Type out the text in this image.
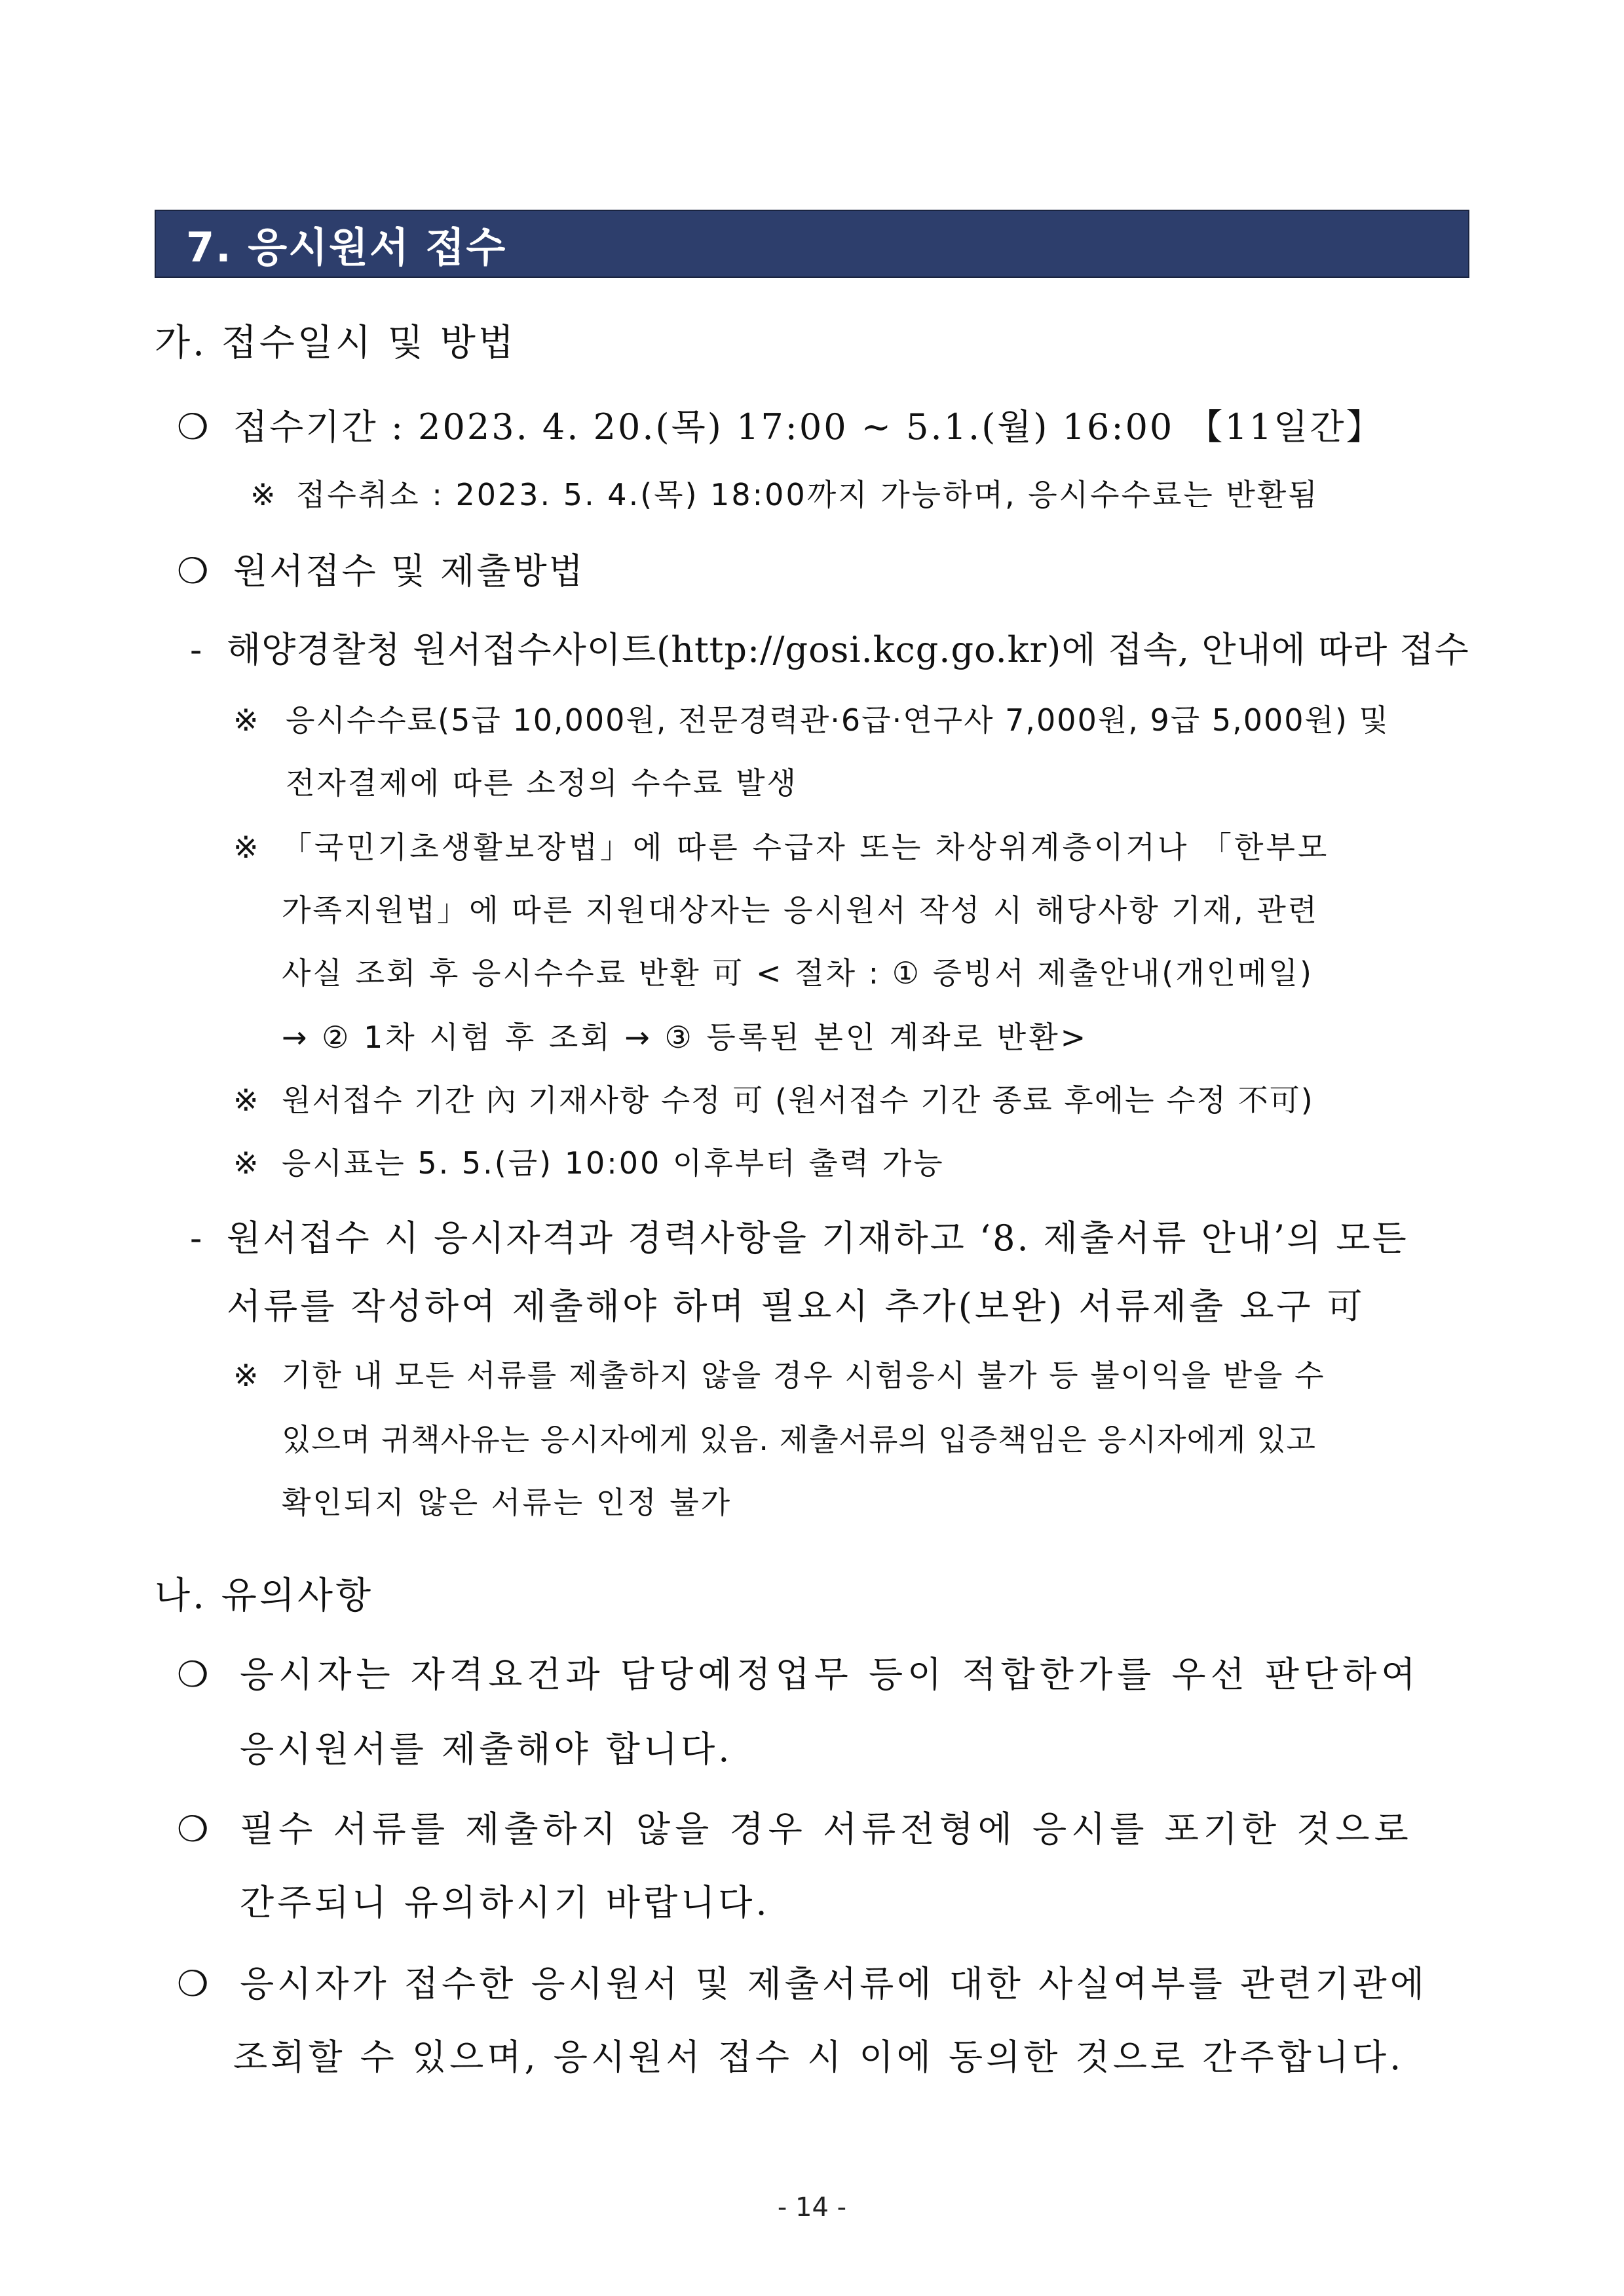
7. 응시원서 접수
가. 접수일시 및 방법
❍ 접수기간 : 2023. 4. 20.(목) 17:00 ~ 5.1.(월) 16:00 【11일간】
※ 접수취소 : 2023. 5. 4.(목) 18:00까지 가능하며, 응시수수료는 반환됨
❍ 원서접수 및 제출방법
- 해양경찰청 원서접수사이트(http://gosi.kcg.go.kr)에 접속, 안내에 따라 접수
※ 응시수수료(5급 10,000원, 전문경력관·6급·연구사 7,000원, 9급 5,000원) 및
전자결제에 따른 소정의 수수료 발생
※ 「국민기초생활보장법」에 따른 수급자 또는 차상위계층이거나 「한부모
가족지원법」에 따른 지원대상자는 응시원서 작성 시 해당사항 기재, 관련
사실 조회 후 응시수수료 반환 可 < 절차 : ① 증빙서 제출안내(개인메일)
→ ② 1차 시험 후 조회 → ③ 등록된 본인 계좌로 반환>
※ 원서접수 기간 內 기재사항 수정 可 (원서접수 기간 종료 후에는 수정 不可)
※ 응시표는 5. 5.(금) 10:00 이후부터 출력 가능
- 원서접수 시 응시자격과 경력사항을 기재하고 ‘8. 제출서류 안내’의 모든
서류를 작성하여 제출해야 하며 필요시 추가(보완) 서류제출 요구 可
※ 기한 내 모든 서류를 제출하지 않을 경우 시험응시 불가 등 불이익을 받을 수
있으며 귀책사유는 응시자에게 있음. 제출서류의 입증책임은 응시자에게 있고
확인되지 않은 서류는 인정 불가
나. 유의사항
❍ 응시자는 자격요건과 담당예정업무 등이 적합한가를 우선 판단하여
응시원서를 제출해야 합니다.
❍ 필수 서류를 제출하지 않을 경우 서류전형에 응시를 포기한 것으로
간주되니 유의하시기 바랍니다.
❍ 응시자가 접수한 응시원서 및 제출서류에 대한 사실여부를 관련기관에
조회할 수 있으며, 응시원서 접수 시 이에 동의한 것으로 간주합니다.
- 14 -
